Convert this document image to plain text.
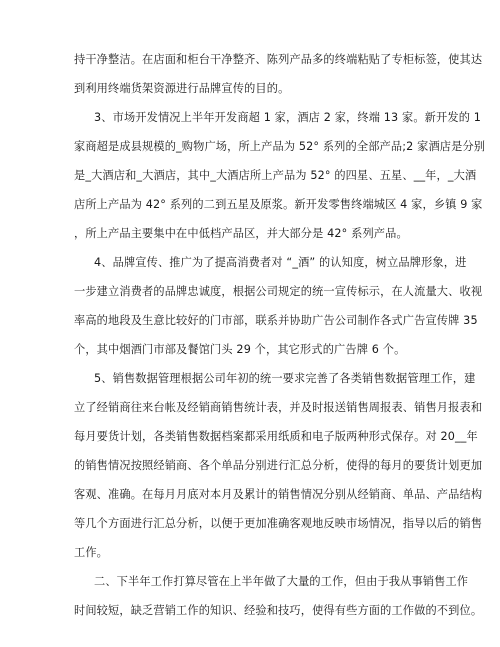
持干净整洁。在店面和柜台干净整齐、陈列产品多的终端粘贴了专柜标签，使其达
到利用终端货架资源进行品牌宣传的目的。
3、市场开发情况上半年开发商超 1 家，酒店 2 家，终端 13 家。新开发的 1
家商超是成县规模的_购物广场，所上产品为 52° 系列的全部产品;2 家酒店是分别
是_大酒店和_大酒店，其中_大酒店所上产品为 52° 的四星、五星、__年，_大酒
店所上产品为 42° 系列的二到五星及原浆。新开发零售终端城区 4 家，乡镇 9 家
，所上产品主要集中在中低档产品区，并大部分是 42° 系列产品。
4、品牌宣传、推广为了提高消费者对 “_酒” 的认知度，树立品牌形象，进
一步建立消费者的品牌忠诚度，根据公司规定的统一宣传标示，在人流量大、收视
率高的地段及生意比较好的门市部，联系并协助广告公司制作各式广告宣传牌 35
个，其中烟酒门市部及餐馆门头 29 个，其它形式的广告牌 6 个。
5、销售数据管理根据公司年初的统一要求完善了各类销售数据管理工作，建
立了经销商往来台帐及经销商销售统计表，并及时报送销售周报表、销售月报表和
每月要货计划，各类销售数据档案都采用纸质和电子版两种形式保存。对 20__年
的销售情况按照经销商、各个单品分别进行汇总分析，使得的每月的要货计划更加
客观、准确。在每月月底对本月及累计的销售情况分别从经销商、单品、产品结构
等几个方面进行汇总分析，以便于更加准确客观地反映市场情况，指导以后的销售
工作。
二、下半年工作打算尽管在上半年做了大量的工作，但由于我从事销售工作
时间较短，缺乏营销工作的知识、经验和技巧，使得有些方面的工作做的不到位。
